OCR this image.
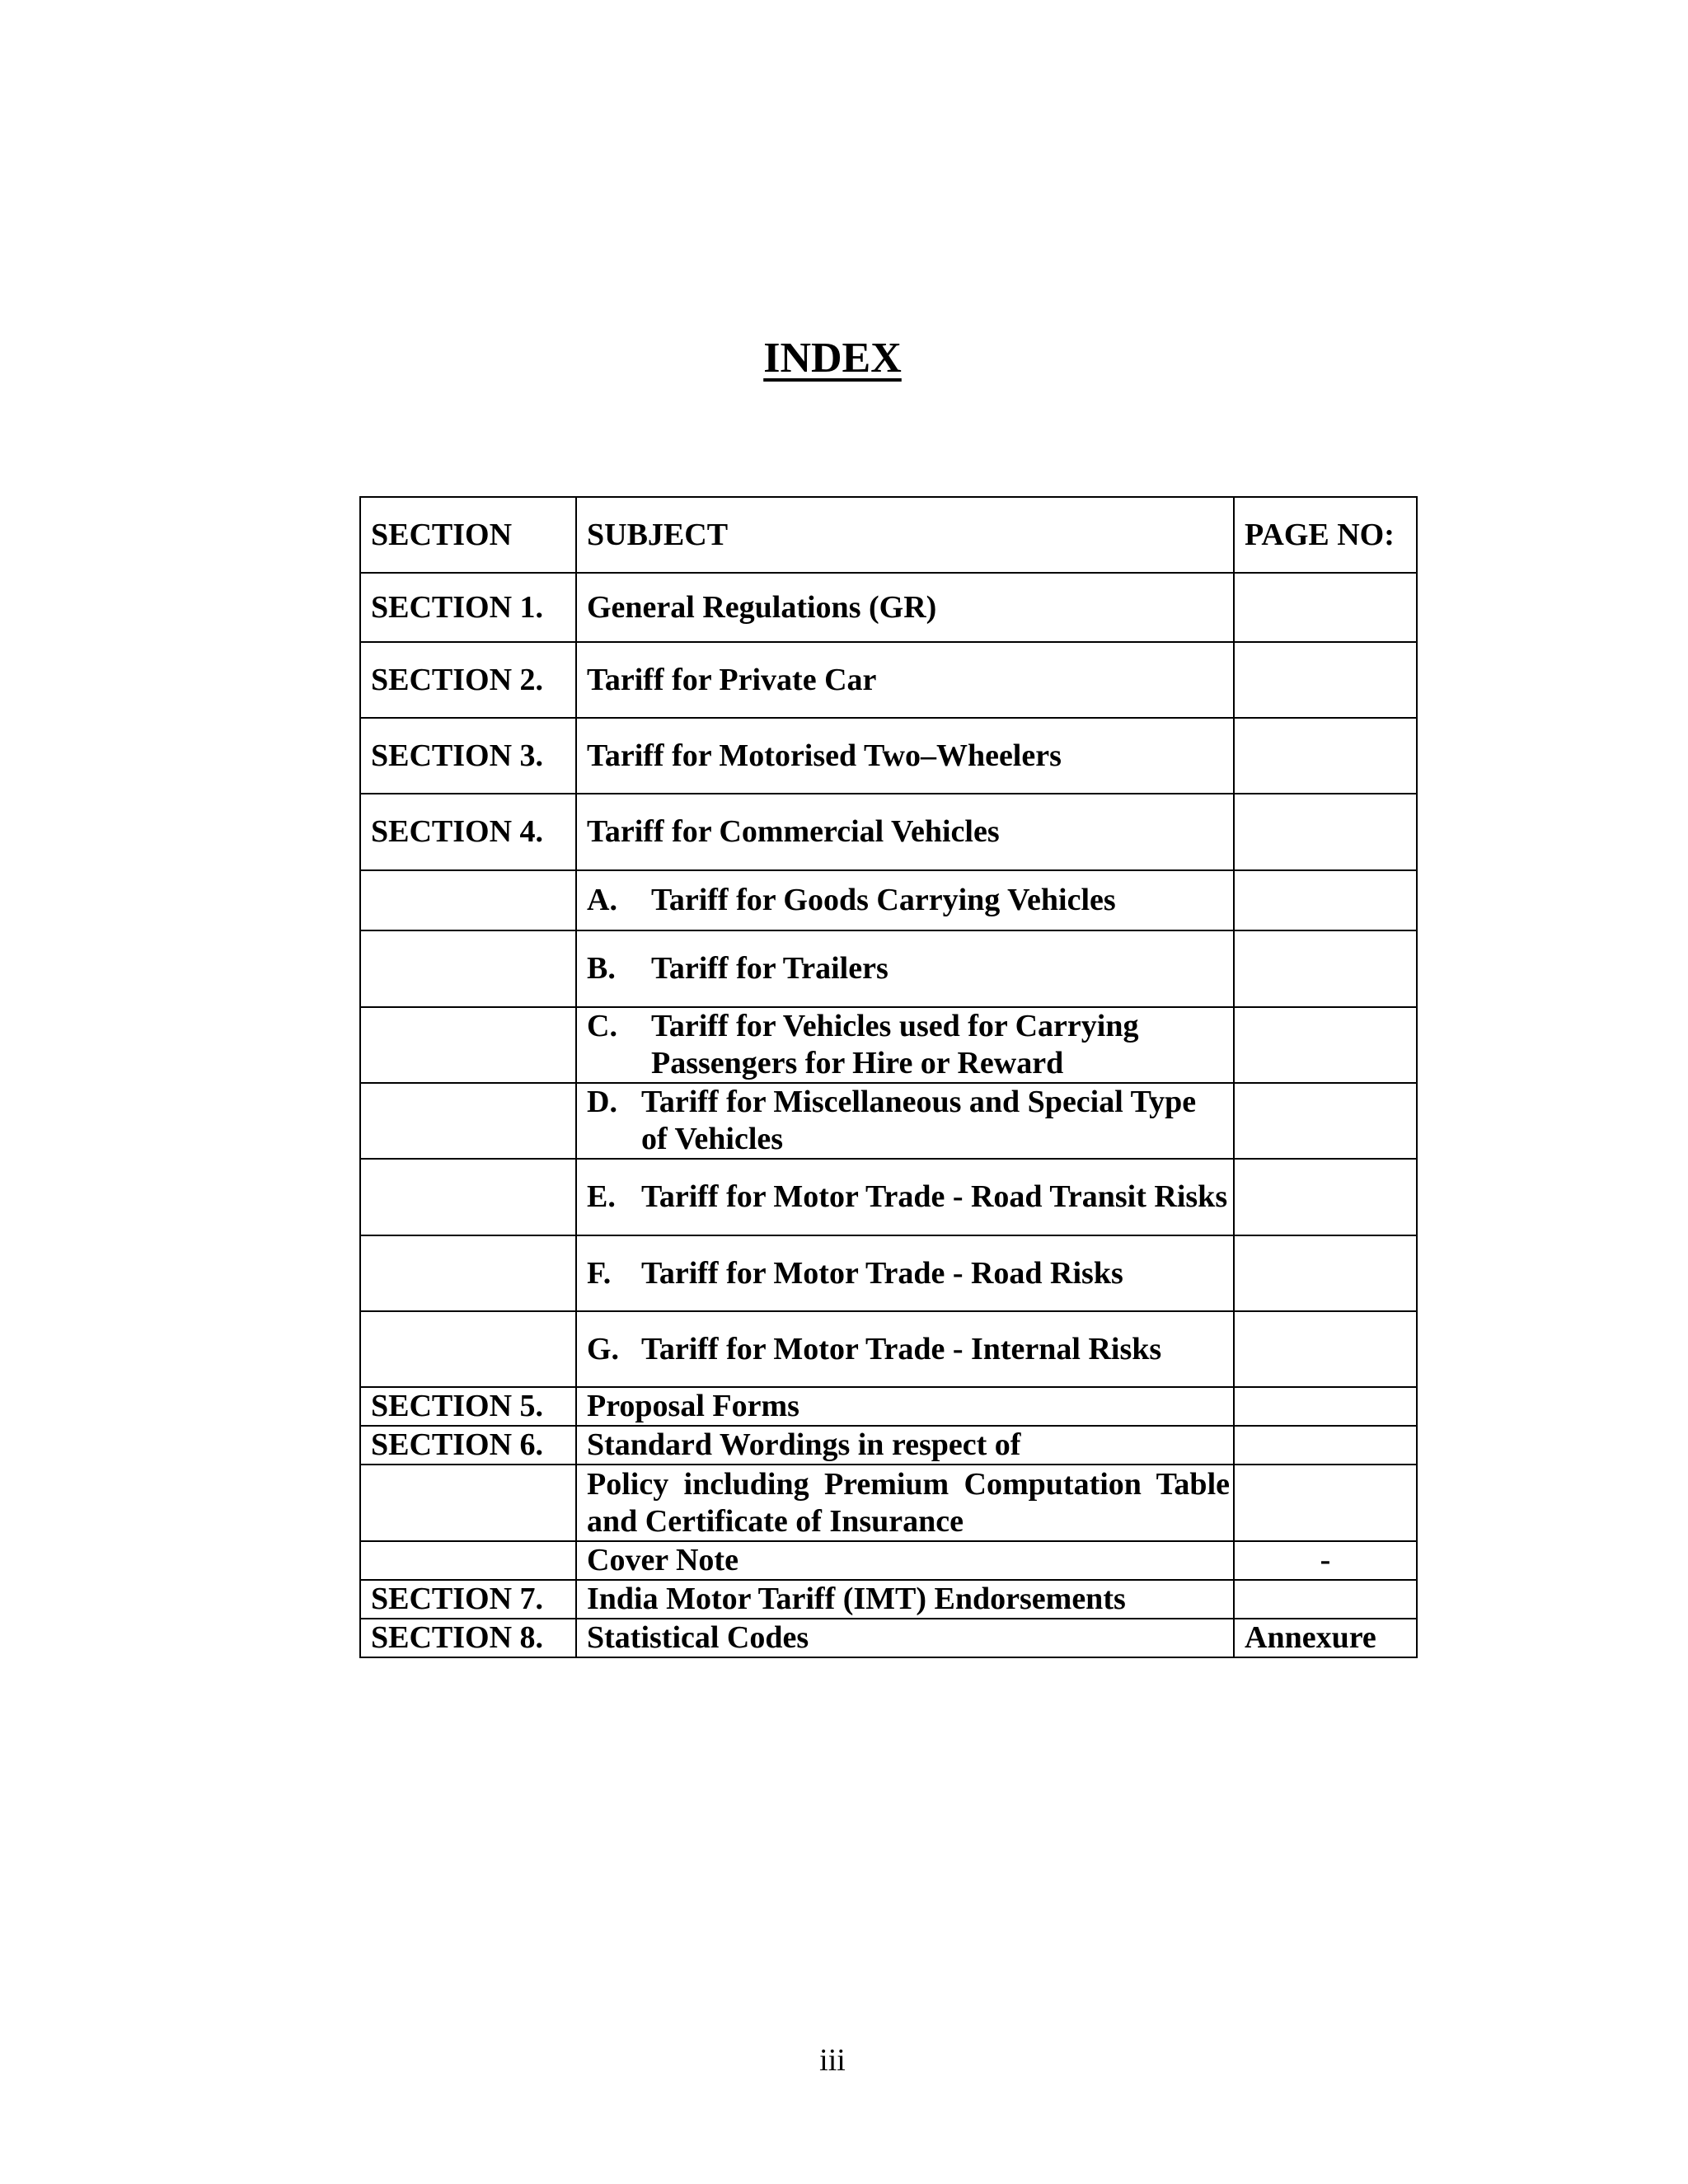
INDEX
SECTION	SUBJECT	PAGE NO:
SECTION 1.	General Regulations (GR)	
SECTION 2.	Tariff for Private Car	
SECTION 3.	Tariff for Motorised Two–Wheelers	
SECTION 4.	Tariff for Commercial Vehicles	

	A. Tariff for Goods Carrying Vehicles	

	B. Tariff for Trailers	

	C. Tariff for Vehicles used for Carrying Passengers for Hire or Reward	

	D. Tariff for Miscellaneous and Special Type of Vehicles	

	E. Tariff for Motor Trade - Road Transit Risks	

	F. Tariff for Motor Trade - Road Risks	

	G. Tariff for Motor Trade - Internal Risks	

SECTION 5.	Proposal Forms	
SECTION 6.	Standard Wordings in respect of	
	Policy including Premium Computation Table and Certificate of Insurance	
	Cover Note	-
SECTION 7.	India Motor Tariff (IMT) Endorsements	
SECTION 8.	Statistical Codes	Annexure
iii
